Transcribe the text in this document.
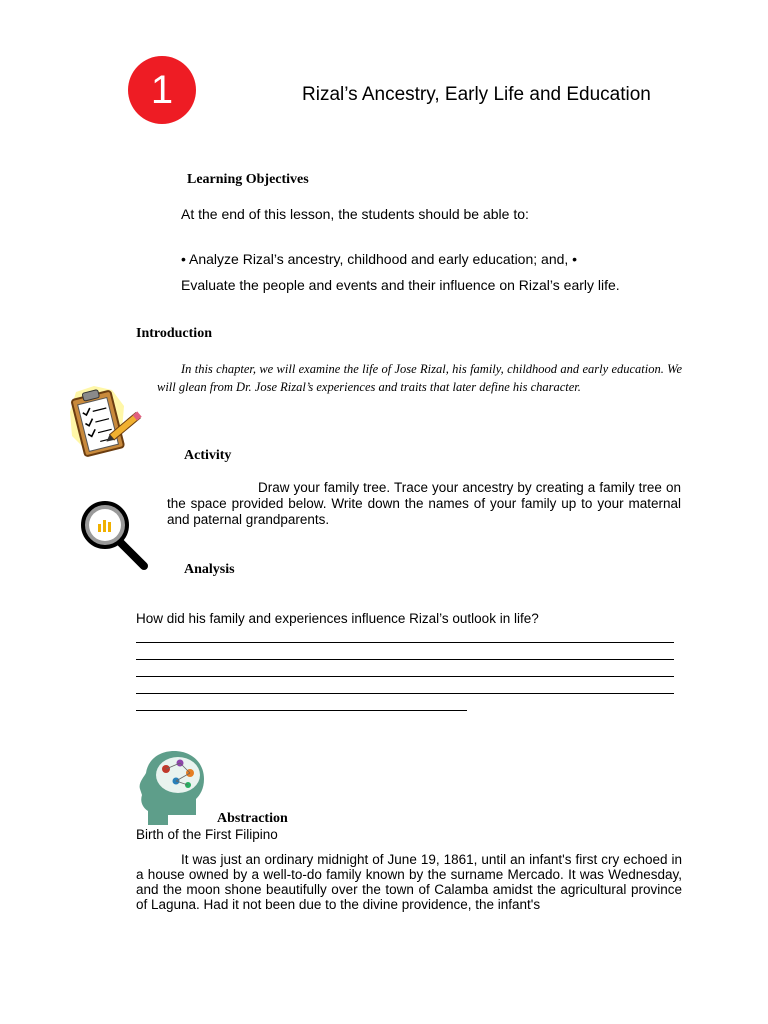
1	Rizal’s Ancestry, Early Life and Education
Learning Objectives
At the end of this lesson, the students should be able to:
• Analyze Rizal’s ancestry, childhood and early education; and, •
Evaluate the people and events and their influence on Rizal’s early life.
Introduction
In this chapter, we will examine the life of Jose Rizal, his family, childhood and early education. We will glean from Dr. Jose Rizal’s experiences and traits that later define his character.
Activity
Draw your family tree. Trace your ancestry by creating a family tree on the space provided below. Write down the names of your family up to your maternal and paternal grandparents.
Analysis
How did his family and experiences influence Rizal’s outlook in life?
Abstraction
Birth of the First Filipino
It was just an ordinary midnight of June 19, 1861, until an infant's first cry echoed in a house owned by a well-to-do family known by the surname Mercado. It was Wednesday, and the moon shone beautifully over the town of Calamba amidst the agricultural province of Laguna. Had it not been due to the divine providence, the infant's
